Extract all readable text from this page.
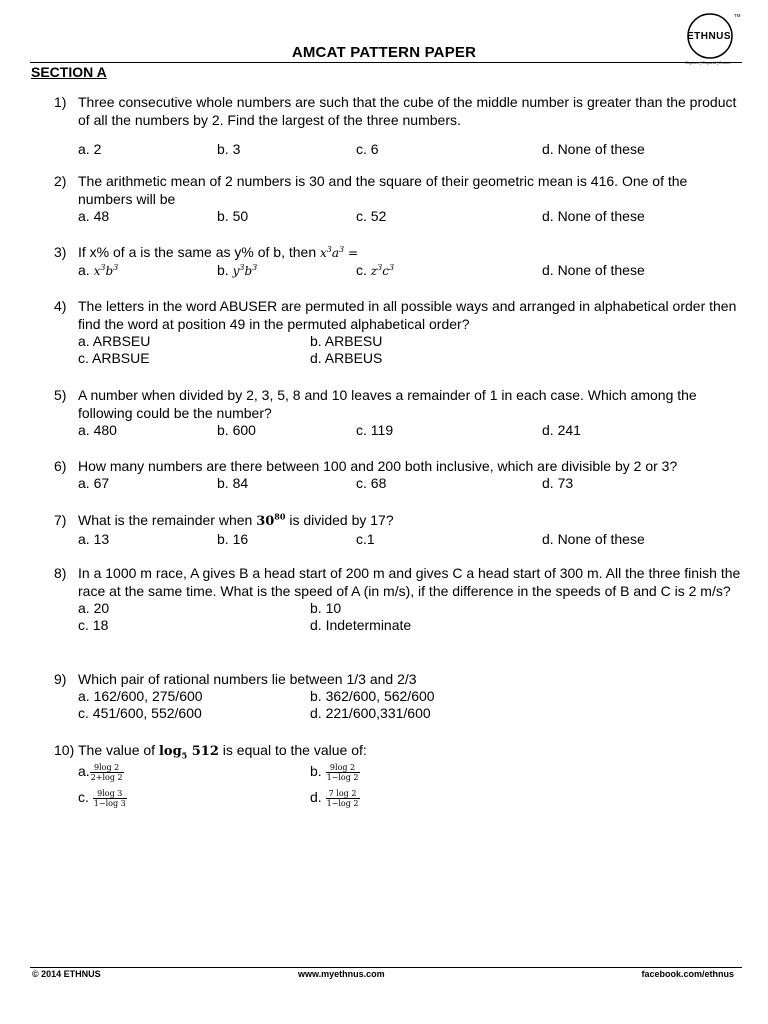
ETHNUS
TM
Explore | Expand | Enrich
AMCAT PATTERN PAPER
SECTION A
1) Three consecutive whole numbers are such that the cube of the middle number is greater than the product of all the numbers by 2. Find the largest of the three numbers.
a. 2	b. 3	c. 6	d. None of these
2) The arithmetic mean of 2 numbers is 30 and the square of their geometric mean is 416. One of the numbers will be
a. 48	b. 50	c. 52	d. None of these
3) If x% of a is the same as y% of b, then $x^3a^3$ =
a. $x^3b^3$	b. $y^3b^3$	c. $z^3c^3$	d. None of these
4) The letters in the word ABUSER are permuted in all possible ways and arranged in alphabetical order then find the word at position 49 in the permuted alphabetical order?
a. ARBSEU	b. ARBESU
c. ARBSUE	d. ARBEUS
5) A number when divided by 2, 3, 5, 8 and 10 leaves a remainder of 1 in each case. Which among the following could be the number?
a. 480	b. 600	c. 119	d. 241
6) How many numbers are there between 100 and 200 both inclusive, which are divisible by 2 or 3?
a. 67	b. 84	c. 68	d. 73
7) What is the remainder when $30^{80}$ is divided by 17?
a. 13	b. 16	c.1	d. None of these
8) In a 1000 m race, A gives B a head start of 200 m and gives C a head start of 300 m. All the three finish the race at the same time. What is the speed of A (in m/s), if the difference in the speeds of B and C is 2 m/s?
a. 20	b. 10
c. 18	d. Indeterminate
9) Which pair of rational numbers lie between 1/3 and 2/3
a. 162/600, 275/600	b. 362/600, 562/600
c. 451/600, 552/600	d. 221/600,331/600
10) The value of $\log_5 512$ is equal to the value of:
a. $\frac{9\log 2}{2+\log 2}$	b. $\frac{9\log 2}{1-\log 2}$
c. $\frac{9\log 3}{1-\log 3}$	d. $\frac{7 \log 2}{1-\log 2}$
© 2014 ETHNUS	www.myethnus.com	facebook.com/ethnus
